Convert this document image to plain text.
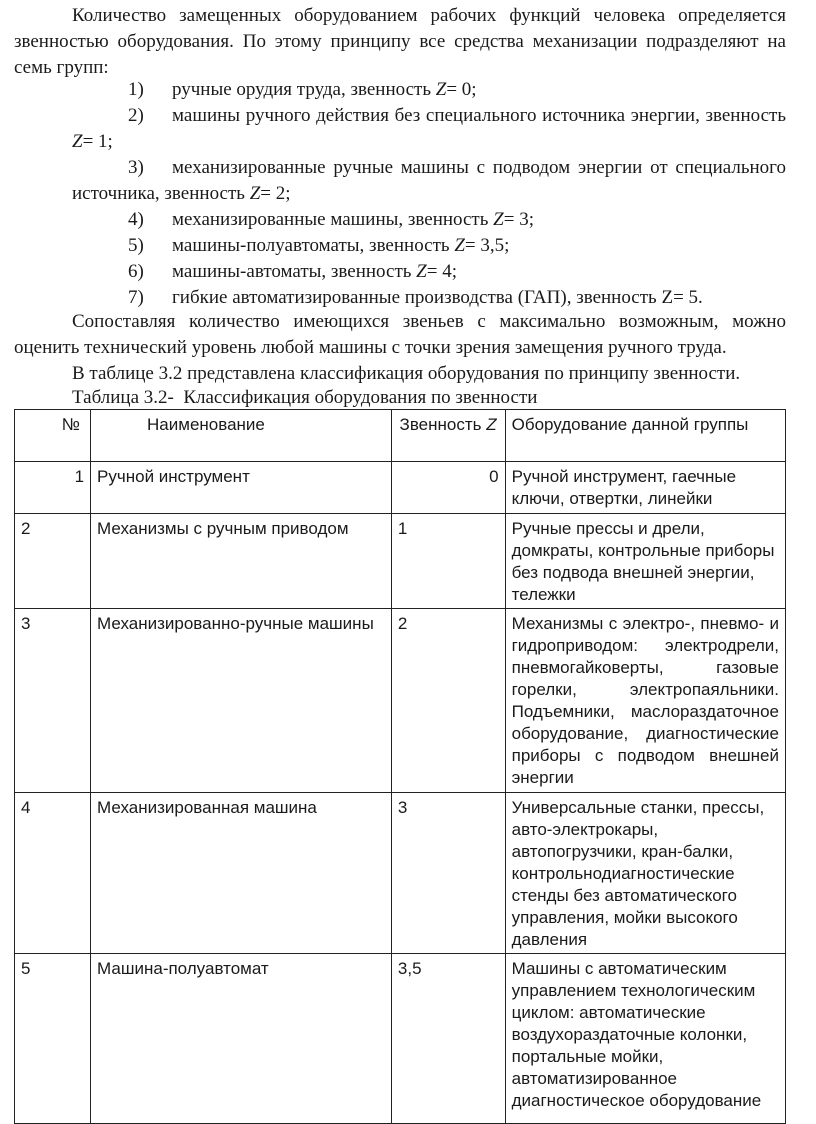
Количество замещенных оборудованием рабочих функций человека определяется звенностью оборудования. По этому принципу все средства механизации подразделяют на семь групп:

1) ручные орудия труда, звенность Z= 0;
2)	машины ручного действия без специального источника энергии, звенность Z= 1;
3)	механизированные ручные машины с подводом энергии от специального источника, звенность Z= 2;
4) механизированные машины, звенность Z= 3;
5) машины-полуавтоматы, звенность Z= 3,5;
6) машины-автоматы, звенность Z= 4;
7) гибкие автоматизированные производства (ГАП), звенность Z= 5.

Сопоставляя количество имеющихся звеньев с максимально возможным, можно оценить технический уровень любой машины с точки зрения замещения ручного труда.

В таблице 3.2 представлена классификация оборудования по принципу звенности.

Таблица 3.2-  Классификация оборудования по звенности

№	Наименование	Звенность Z	Оборудование данной группы
1	Ручной инструмент	0	Ручной инструмент, гаечные ключи, отвертки, линейки
2	Механизмы с ручным приводом	1	Ручные прессы и дрели, домкраты, контрольные приборы без подвода внешней энергии, тележки
3	Механизированно-ручные машины	2	Механизмы с электро-, пневмо- и гидроприводом: электродрели, пневмогайковерты, газовые горелки, электропаяльники. Подъемники, маслораздаточное оборудование, диагностические приборы с подводом внешней энергии
4	Механизированная машина	3	Универсальные станки, прессы, авто-электрокары, автопогрузчики, кран-балки, контрольнодиагностические стенды без автоматического управления, мойки высокого давления
5	Машина-полуавтомат	3,5	Машины с автоматическим управлением технологическим циклом: автоматические воздухораздаточные колонки, портальные мойки, автоматизированное диагностическое оборудование
